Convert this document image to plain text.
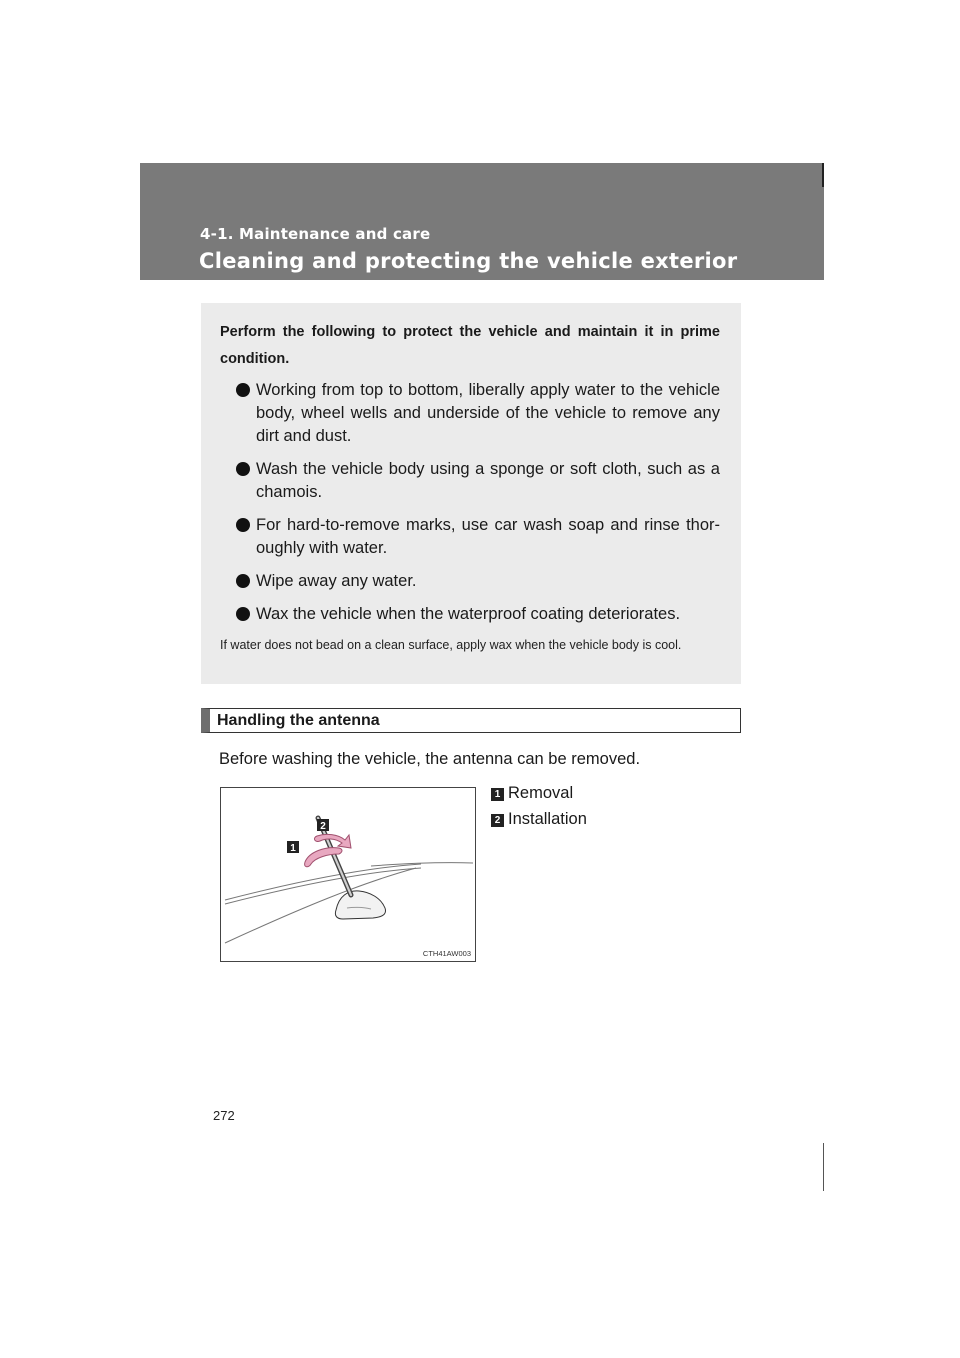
4-1. Maintenance and care
Cleaning and protecting the vehicle exterior
Perform the following to protect the vehicle and maintain it in prime condition.
Working from top to bottom, liberally apply water to the vehicle body, wheel wells and underside of the vehicle to remove any dirt and dust.
Wash the vehicle body using a sponge or soft cloth, such as a chamois.
For hard-to-remove marks, use car wash soap and rinse thor-oughly with water.
Wipe away any water.
Wax the vehicle when the waterproof coating deteriorates.
If water does not bead on a clean surface, apply wax when the vehicle body is cool.
Handling the antenna
Before washing the vehicle, the antenna can be removed.
1
2
CTH41AW003
1 Removal
2 Installation
272
